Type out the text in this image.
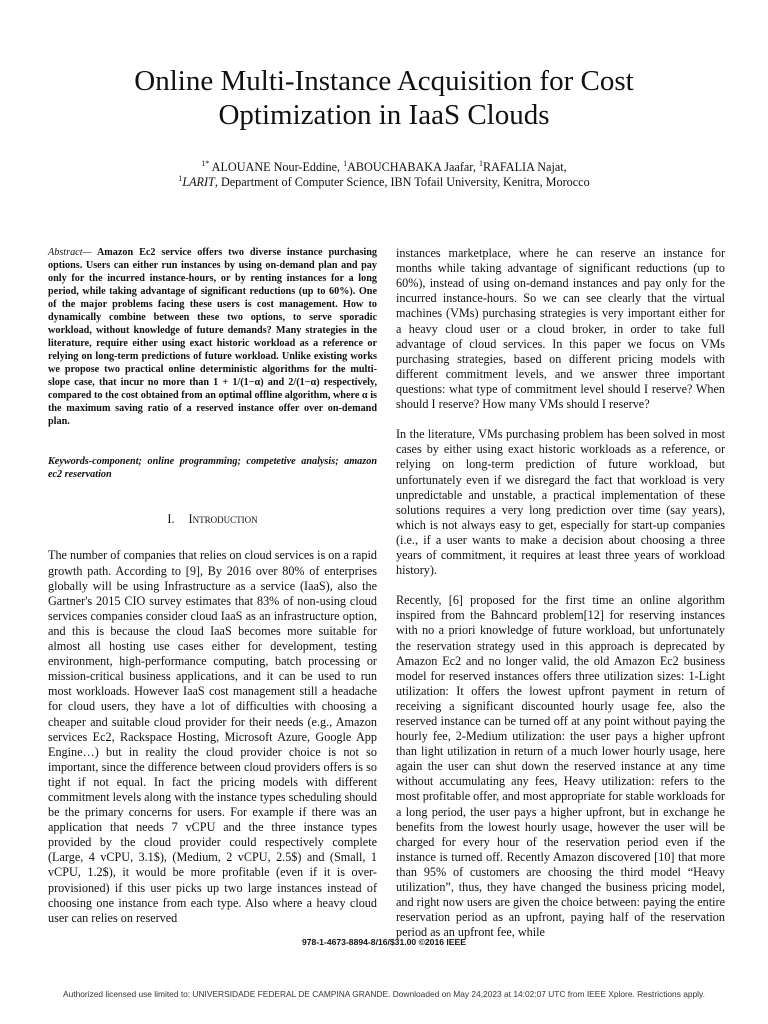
Online Multi-Instance Acquisition for Cost
Optimization in IaaS Clouds
$^{1*}$ ALOUANE Nour-Eddine, $^1$ABOUCHABAKA Jaafar, $^1$RAFALIA Najat,
$^1$LARIT, Department of Computer Science, IBN Tofail University, Kenitra, Morocco

Abstract— Amazon Ec2 service offers two diverse instance purchasing options. Users can either run instances by using on-demand plan and pay only for the incurred instance-hours, or by renting instances for a long period, while taking advantage of significant reductions (up to 60%). One of the major problems facing these users is cost management. How to dynamically combine between these two options, to serve sporadic workload, without knowledge of future demands? Many strategies in the literature, require either using exact historic workload as a reference or relying on long-term predictions of future workload. Unlike existing works we propose two practical online deterministic algorithms for the multi-slope case, that incur no more than 1 + 1/(1−α) and 2/(1−α) respectively, compared to the cost obtained from an optimal offline algorithm, where α is the maximum saving ratio of a reserved instance offer over on-demand plan.

Keywords-component; online programming; competetive analysis; amazon ec2 reservation

I. Introduction

The number of companies that relies on cloud services is on a rapid growth path. According to [9], By 2016 over 80% of enterprises globally will be using Infrastructure as a service (IaaS), also the Gartner's 2015 CIO survey estimates that 83% of non-using cloud services companies consider cloud IaaS as an infrastructure option, and this is because the cloud IaaS becomes more suitable for almost all hosting use cases either for development, testing environment, high-performance computing, batch processing or mission-critical business applications, and it can be used to run most workloads. However IaaS cost management still a headache for cloud users, they have a lot of difficulties with choosing a cheaper and suitable cloud provider for their needs (e.g., Amazon services Ec2, Rackspace Hosting, Microsoft Azure, Google App Engine…) but in reality the cloud provider choice is not so important, since the difference between cloud providers offers is so tight if not equal. In fact the pricing models with different commitment levels along with the instance types scheduling should be the primary concerns for users. For example if there was an application that needs 7 vCPU and the three instance types provided by the cloud provider could respectively complete (Large, 4 vCPU, 3.1$), (Medium, 2 vCPU, 2.5$) and (Small, 1 vCPU, 1.2$), it would be more profitable (even if it is over-provisioned) if this user picks up two large instances instead of choosing one instance from each type. Also where a heavy cloud user can relies on reserved

instances marketplace, where he can reserve an instance for months while taking advantage of significant reductions (up to 60%), instead of using on-demand instances and pay only for the incurred instance-hours. So we can see clearly that the virtual machines (VMs) purchasing strategies is very important either for a heavy cloud user or a cloud broker, in order to take full advantage of cloud services. In this paper we focus on VMs purchasing strategies, based on different pricing models with different commitment levels, and we answer three important questions: what type of commitment level should I reserve? When should I reserve? How many VMs should I reserve?

In the literature, VMs purchasing problem has been solved in most cases by either using exact historic workloads as a reference, or relying on long-term prediction of future workload, but unfortunately even if we disregard the fact that workload is very unpredictable and unstable, a practical implementation of these solutions requires a very long prediction over time (say years), which is not always easy to get, especially for start-up companies (i.e., if a user wants to make a decision about choosing a three years of commitment, it requires at least three years of workload history).

Recently, [6] proposed for the first time an online algorithm inspired from the Bahncard problem[12] for reserving instances with no a priori knowledge of future workload, but unfortunately the reservation strategy used in this approach is deprecated by Amazon Ec2 and no longer valid, the old Amazon Ec2 business model for reserved instances offers three utilization sizes: 1-Light utilization: It offers the lowest upfront payment in return of receiving a significant discounted hourly usage fee, also the reserved instance can be turned off at any point without paying the hourly fee, 2-Medium utilization: the user pays a higher upfront than light utilization in return of a much lower hourly usage, here again the user can shut down the reserved instance at any time without accumulating any fees, Heavy utilization: refers to the most profitable offer, and most appropriate for stable workloads for a long period, the user pays a higher upfront, but in exchange he benefits from the lowest hourly usage, however the user will be charged for every hour of the reservation period even if the instance is turned off. Recently Amazon discovered [10] that more than 95% of customers are choosing the third model “Heavy utilization”, thus, they have changed the business pricing model, and right now users are given the choice between: paying the entire reservation period as an upfront, paying half of the reservation period as an upfront fee, while

978-1-4673-8894-8/16/$31.00 ©2016 IEEE
Authorized licensed use limited to: UNIVERSIDADE FEDERAL DE CAMPINA GRANDE. Downloaded on May 24,2023 at 14:02:07 UTC from IEEE Xplore. Restrictions apply.
